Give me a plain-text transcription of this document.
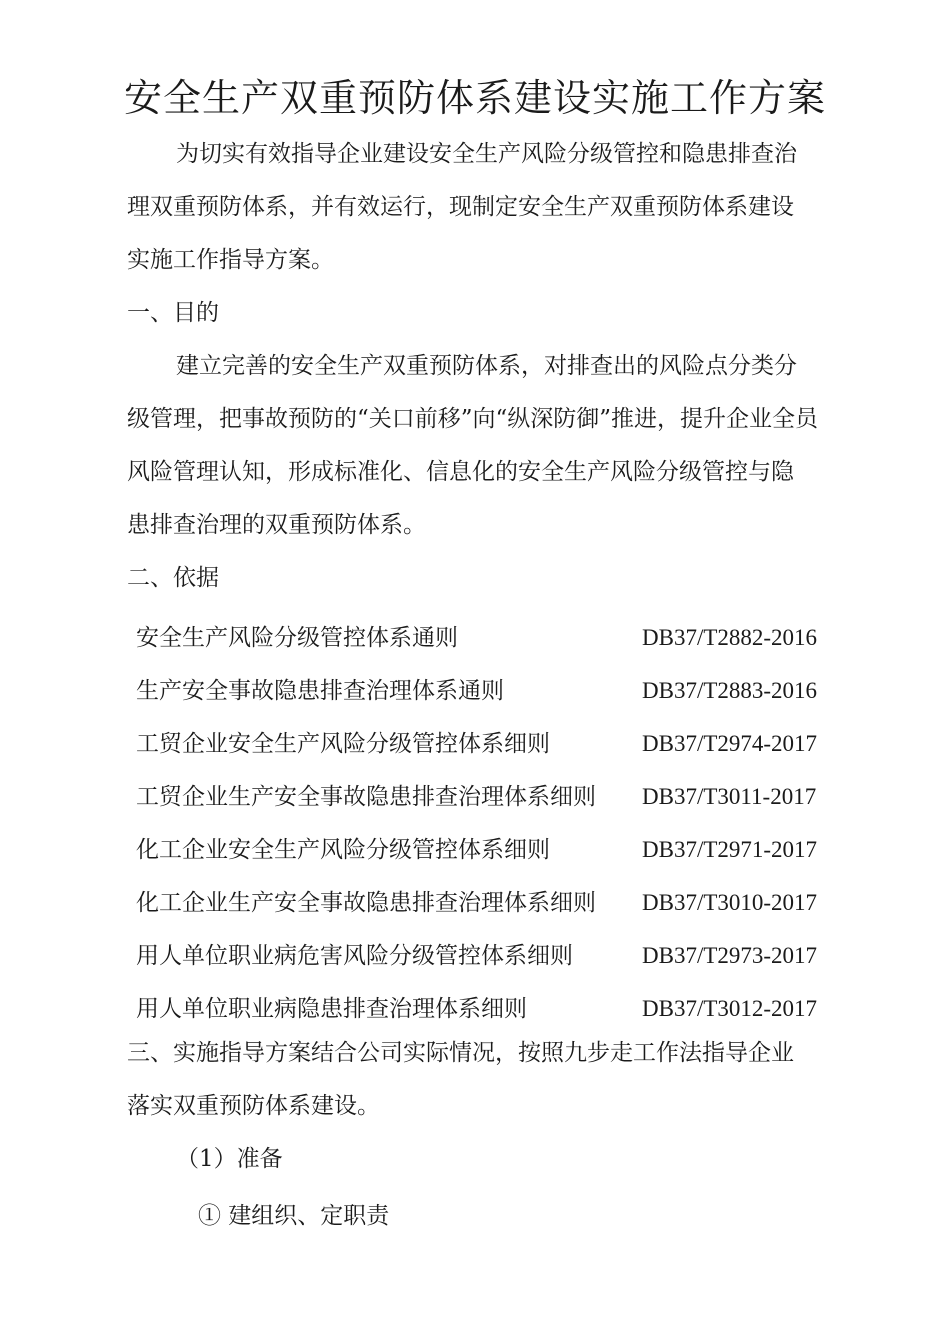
安全生产双重预防体系建设实施工作方案
为切实有效指导企业建设安全生产风险分级管控和隐患排查治
理双重预防体系，并有效运行，现制定安全生产双重预防体系建设
实施工作指导方案。
一、目的
建立完善的安全生产双重预防体系，对排查出的风险点分类分
级管理，把事故预防的“关口前移”向“纵深防御”推进，提升企业全员
风险管理认知，形成标准化、信息化的安全生产风险分级管控与隐
患排查治理的双重预防体系。
二、依据
安全生产风险分级管控体系通则	DB37/T2882-2016
生产安全事故隐患排查治理体系通则	DB37/T2883-2016
工贸企业安全生产风险分级管控体系细则	DB37/T2974-2017
工贸企业生产安全事故隐患排查治理体系细则 DB37/T3011-2017
化工企业安全生产风险分级管控体系细则	DB37/T2971-2017
化工企业生产安全事故隐患排查治理体系细则 DB37/T3010-2017
用人单位职业病危害风险分级管控体系细则	DB37/T2973-2017
用人单位职业病隐患排查治理体系细则	DB37/T3012-2017
三、实施指导方案结合公司实际情况，按照九步走工作法指导企业
落实双重预防体系建设。
（1）准备
① 建组织、定职责
